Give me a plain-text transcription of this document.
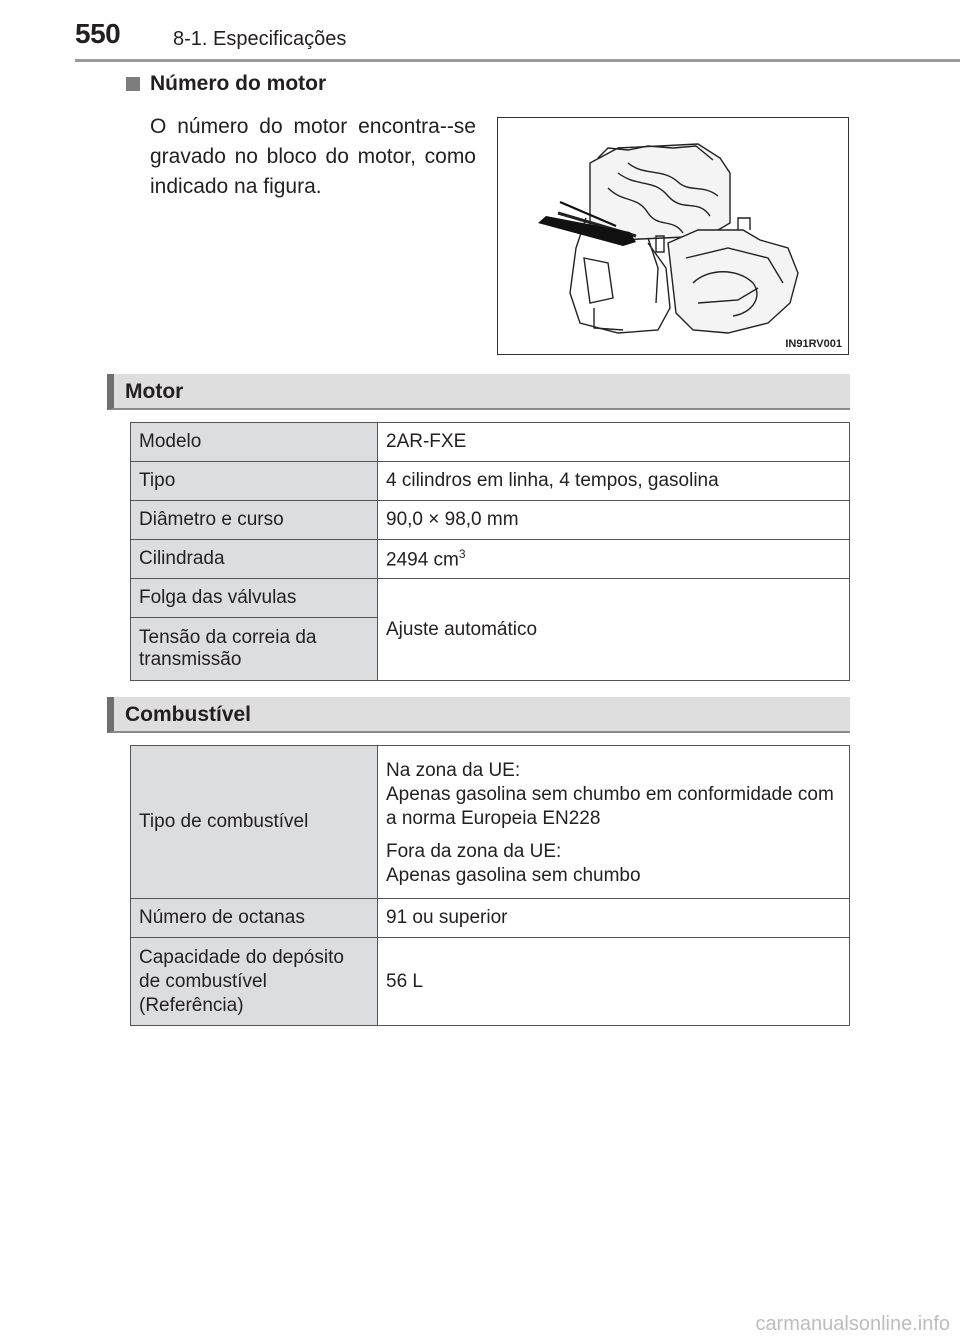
550	8-1. Especificações
Número do motor
O número do motor encontra--se gravado no bloco do motor, como indicado na figura.
IN91RV001
Motor
Modelo	2AR-FXE
Tipo	4 cilindros em linha, 4 tempos, gasolina
Diâmetro e curso	90,0 × 98,0 mm
Cilindrada	2494 $cm^3$
Folga das válvulas	Ajuste automático
Tensão da correia da transmissão	
Combustível
Tipo de combustível	Na zona da UE:

Apenas gasolina sem chumbo em conformidade com a norma Europeia EN228

Fora da zona da UE:

Apenas gasolina sem chumbo

Número de octanas	91 ou superior
Capacidade do depósito de combustível (Referência)	56 L
carmanualsonline.info
